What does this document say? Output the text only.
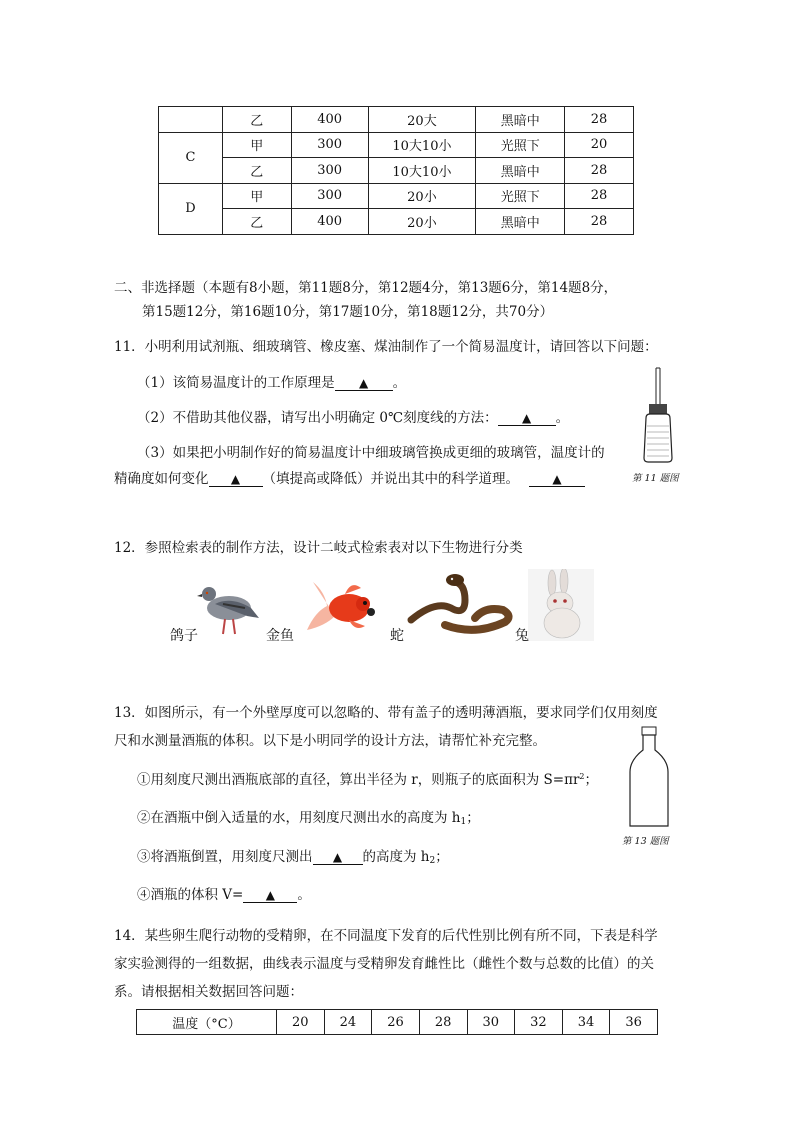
	乙	400	20大	黑暗中	28
C	甲	300	10大10小	光照下	20
	乙	300	10大10小	黑暗中	28
D	甲	300	20小	光照下	28
	乙	400	20小	黑暗中	28
二、非选择题（本题有8小题，第11题8分，第12题4分，第13题6分，第14题8分，
第15题12分，第16题10分，第17题10分，第18题12分，共70分）
11．小明利用试剂瓶、细玻璃管、橡皮塞、煤油制作了一个简易温度计，请回答以下问题：
（1）该简易温度计的工作原理是 ▲ 。
（2）不借助其他仪器，请写出小明确定 0℃刻度线的方法： ▲ 。
（3）如果把小明制作好的简易温度计中细玻璃管换成更细的玻璃管，温度计的
精确度如何变化 ▲ （填提高或降低）并说出其中的科学道理。	▲	第 11 题图
12．参照检索表的制作方法，设计二岐式检索表对以下生物进行分类
鸽子	金鱼	蛇	兔
13．如图所示，有一个外壁厚度可以忽略的、带有盖子的透明薄酒瓶，要求同学们仅用刻度
尺和水测量酒瓶的体积。以下是小明同学的设计方法，请帮忙补充完整。
①用刻度尺测出酒瓶底部的直径，算出半径为 r，则瓶子的底面积为 $S=\pi r^2$；
②在酒瓶中倒入适量的水，用刻度尺测出水的高度为 $h_1$；
③将酒瓶倒置，用刻度尺测出 ▲ 的高度为 $h_2$；
④酒瓶的体积 V= ▲ 。
第 13 题图
14．某些卵生爬行动物的受精卵，在不同温度下发育的后代性别比例有所不同，下表是科学
家实验测得的一组数据，曲线表示温度与受精卵发育雌性比（雌性个数与总数的比值）的关
系。请根据相关数据回答问题：
温度（°C）	20	24	26	28	30	32	34	36
